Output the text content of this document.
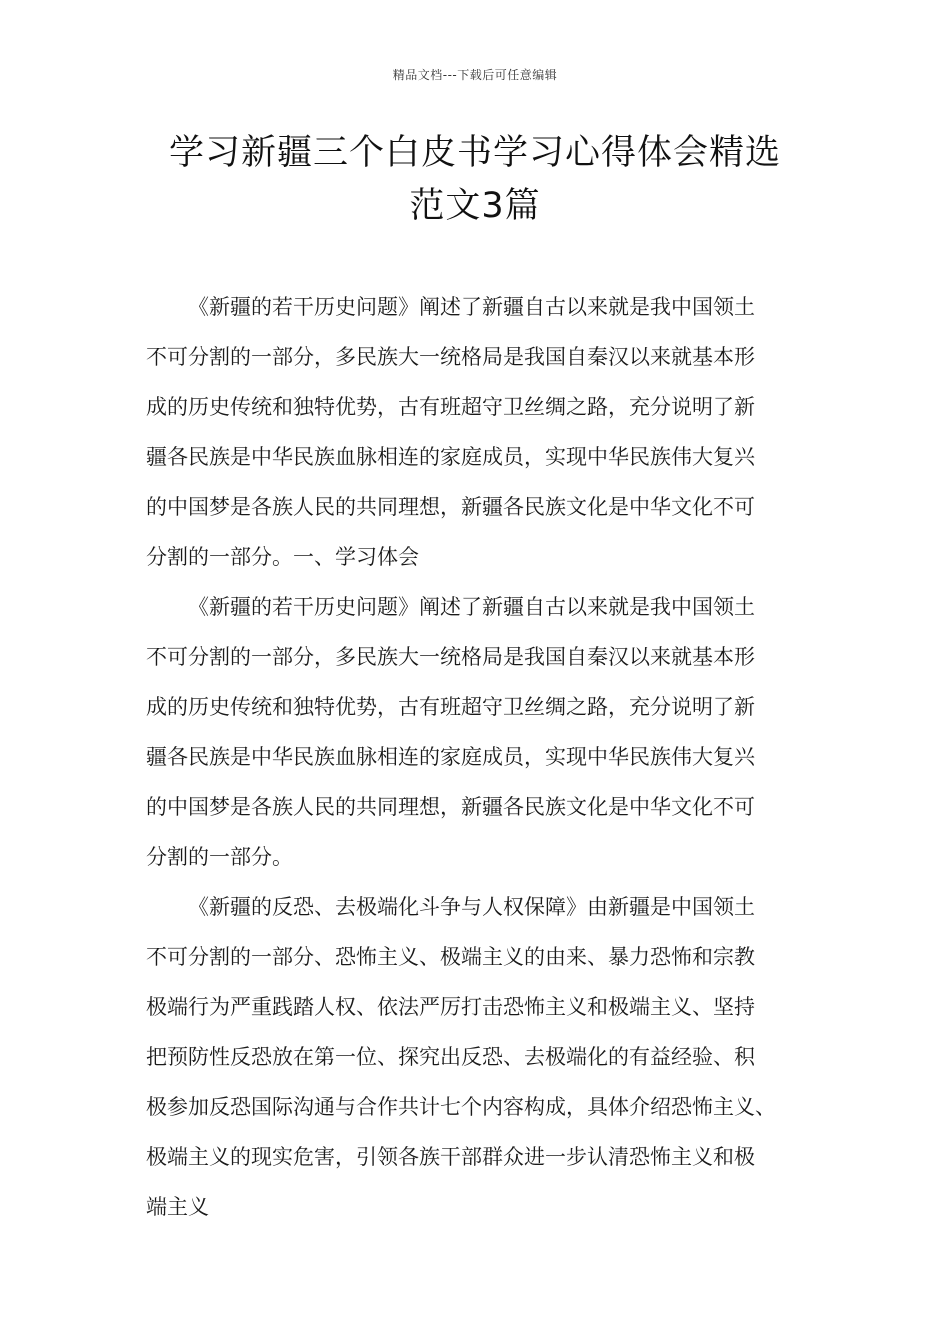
精品文档---下载后可任意编辑
学习新疆三个白皮书学习心得体会精选
范文3篇
《新疆的若干历史问题》阐述了新疆自古以来就是我中国领土
不可分割的一部分，多民族大一统格局是我国自秦汉以来就基本形
成的历史传统和独特优势，古有班超守卫丝绸之路，充分说明了新
疆各民族是中华民族血脉相连的家庭成员，实现中华民族伟大复兴
的中国梦是各族人民的共同理想，新疆各民族文化是中华文化不可
分割的一部分。一、学习体会
《新疆的若干历史问题》阐述了新疆自古以来就是我中国领土
不可分割的一部分，多民族大一统格局是我国自秦汉以来就基本形
成的历史传统和独特优势，古有班超守卫丝绸之路，充分说明了新
疆各民族是中华民族血脉相连的家庭成员，实现中华民族伟大复兴
的中国梦是各族人民的共同理想，新疆各民族文化是中华文化不可
分割的一部分。
《新疆的反恐、去极端化斗争与人权保障》由新疆是中国领土
不可分割的一部分、恐怖主义、极端主义的由来、暴力恐怖和宗教
极端行为严重践踏人权、依法严厉打击恐怖主义和极端主义、坚持
把预防性反恐放在第一位、探究出反恐、去极端化的有益经验、积
极参加反恐国际沟通与合作共计七个内容构成，具体介绍恐怖主义、
极端主义的现实危害，引领各族干部群众进一步认清恐怖主义和极
端主义
